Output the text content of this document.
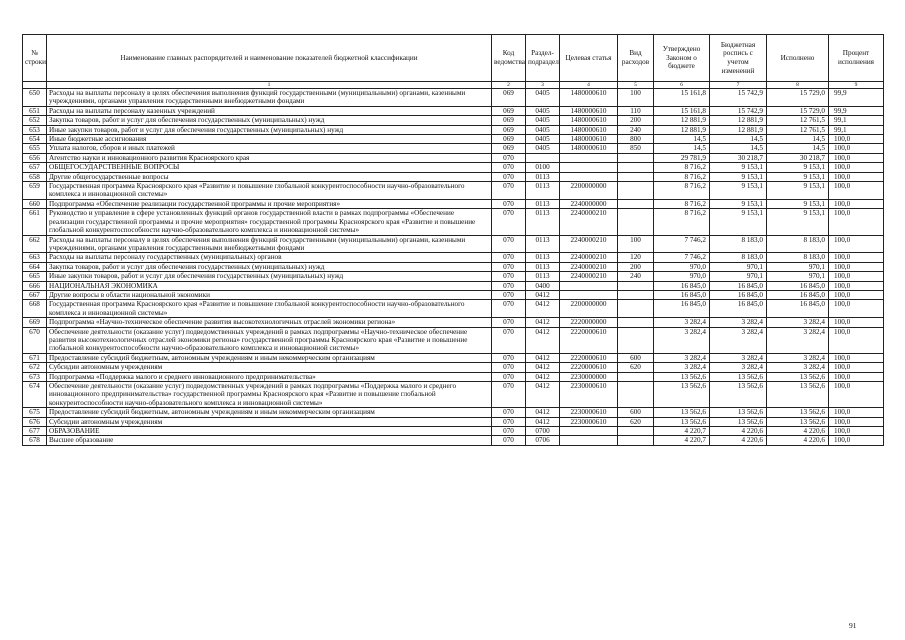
№ строки	Наименование главных распорядителей и наименование показателей бюджетной классификации	Код ведомства	Раздел-подраздел	Целевая статья	Вид расходов	Утверждено Законом о бюджете	Бюджетная роспись с учетом изменений	Исполнено	Процент исполнения
	1	2	3	4	5	6	7	8	9
650	Расходы на выплаты персоналу в целях обеспечения выполнения функций государственными (муниципальными) органами, казенными учреждениями, органами управления государственными внебюджетными фондами	069	0405	1480000610	100	15 161,8	15 742,9	15 729,0	99,9
651	Расходы на выплаты персоналу казенных учреждений	069	0405	1480000610	110	15 161,8	15 742,9	15 729,0	99,9
652	Закупка товаров, работ и услуг для обеспечения государственных (муниципальных) нужд	069	0405	1480000610	200	12 881,9	12 881,9	12 761,5	99,1
653	Иные закупки товаров, работ и услуг для обеспечения государственных (муниципальных) нужд	069	0405	1480000610	240	12 881,9	12 881,9	12 761,5	99,1
654	Иные бюджетные ассигнования	069	0405	1480000610	800	14,5	14,5	14,5	100,0
655	Уплата налогов, сборов и иных платежей	069	0405	1480000610	850	14,5	14,5	14,5	100,0
656	Агентство науки и инновационного развития Красноярского края	070				29 781,9	30 218,7	30 218,7	100,0
657	ОБЩЕГОСУДАРСТВЕННЫЕ ВОПРОСЫ	070	0100			8 716,2	9 153,1	9 153,1	100,0
658	Другие общегосударственные вопросы	070	0113			8 716,2	9 153,1	9 153,1	100,0
659	Государственная программа Красноярского края «Развитие и повышение глобальной конкурентоспособности научно-образовательного комплекса и инновационной системы»	070	0113	2200000000		8 716,2	9 153,1	9 153,1	100,0
660	Подпрограмма «Обеспечение реализации государственной программы и прочие мероприятия»	070	0113	2240000000		8 716,2	9 153,1	9 153,1	100,0
661	Руководство и управление в сфере установленных функций органов государственной власти в рамках подпрограммы «Обеспечение реализации государственной программы и прочие мероприятия» государственной программы Красноярского края «Развитие и повышение глобальной конкурентоспособности научно-образовательного комплекса и инновационной системы»	070	0113	2240000210		8 716,2	9 153,1	9 153,1	100,0
662	Расходы на выплаты персоналу в целях обеспечения выполнения функций государственными (муниципальными) органами, казенными учреждениями, органами управления государственными внебюджетными фондами	070	0113	2240000210	100	7 746,2	8 183,0	8 183,0	100,0
663	Расходы на выплаты персоналу государственных (муниципальных) органов	070	0113	2240000210	120	7 746,2	8 183,0	8 183,0	100,0
664	Закупка товаров, работ и услуг для обеспечения государственных (муниципальных) нужд	070	0113	2240000210	200	970,0	970,1	970,1	100,0
665	Иные закупки товаров, работ и услуг для обеспечения государственных (муниципальных) нужд	070	0113	2240000210	240	970,0	970,1	970,1	100,0
666	НАЦИОНАЛЬНАЯ ЭКОНОМИКА	070	0400			16 845,0	16 845,0	16 845,0	100,0
667	Другие вопросы в области национальной экономики	070	0412			16 845,0	16 845,0	16 845,0	100,0
668	Государственная программа Красноярского края «Развитие и повышение глобальной конкурентоспособности научно-образовательного комплекса и инновационной системы»	070	0412	2200000000		16 845,0	16 845,0	16 845,0	100,0
669	Подпрограмма «Научно-техническое обеспечение развития высокотехнологичных отраслей экономики региона»	070	0412	2220000000		3 282,4	3 282,4	3 282,4	100,0
670	Обеспечение деятельности (оказание услуг) подведомственных учреждений в рамках подпрограммы «Научно-техническое обеспечение развития высокотехнологичных отраслей экономики региона» государственной программы Красноярского края «Развитие и повышение глобальной конкурентоспособности научно-образовательного комплекса и инновационной системы»	070	0412	2220000610		3 282,4	3 282,4	3 282,4	100,0
671	Предоставление субсидий бюджетным, автономным учреждениям и иным некоммерческим организациям	070	0412	2220000610	600	3 282,4	3 282,4	3 282,4	100,0
672	Субсидии автономным учреждениям	070	0412	2220000610	620	3 282,4	3 282,4	3 282,4	100,0
673	Подпрограмма «Поддержка малого и среднего инновационного предпринимательства»	070	0412	2230000000		13 562,6	13 562,6	13 562,6	100,0
674	Обеспечение деятельности (оказание услуг) подведомственных учреждений в рамках подпрограммы «Поддержка малого и среднего инновационного предпринимательства» государственной программы Красноярского края «Развитие и повышение глобальной конкурентоспособности научно-образовательного комплекса и инновационной системы»	070	0412	2230000610		13 562,6	13 562,6	13 562,6	100,0
675	Предоставление субсидий бюджетным, автономным учреждениям и иным некоммерческим организациям	070	0412	2230000610	600	13 562,6	13 562,6	13 562,6	100,0
676	Субсидии автономным учреждениям	070	0412	2230000610	620	13 562,6	13 562,6	13 562,6	100,0
677	ОБРАЗОВАНИЕ	070	0700			4 220,7	4 220,6	4 220,6	100,0
678	Высшее образование	070	0706			4 220,7	4 220,6	4 220,6	100,0
91
